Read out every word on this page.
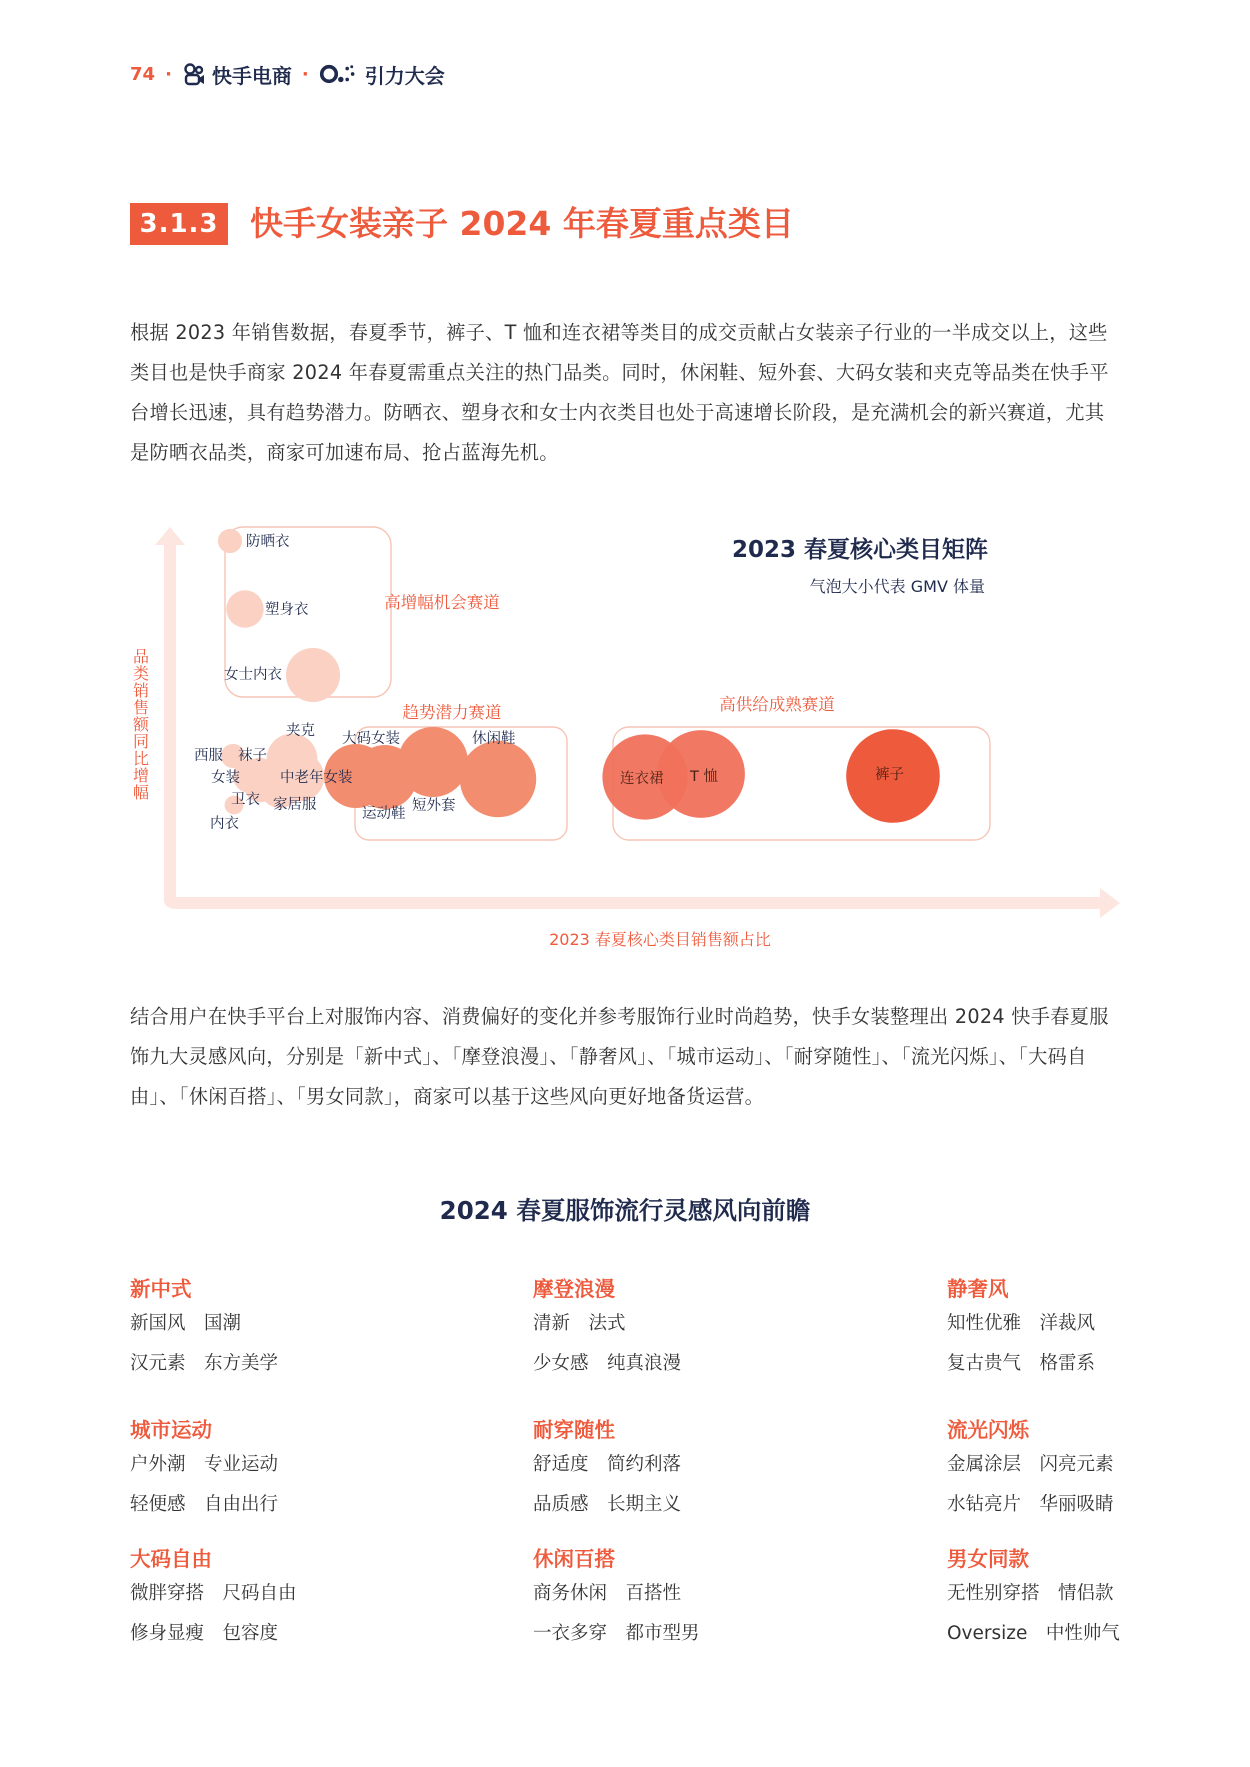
74 · 快手电商 ·	引力大会
3.1.3 快手女装亲子 2024 年春夏重点类目

根据 2023 年销售数据，春夏季节，裤子、T 恤和连衣裙等类目的成交贡献占女装亲子行业的一半成交以上，这些类目也是快手商家 2024 年春夏需重点关注的热门品类。同时，休闲鞋、短外套、大码女装和夹克等品类在快手平台增长迅速，具有趋势潜力。防晒衣、塑身衣和女士内衣类目也处于高速增长阶段，是充满机会的新兴赛道，尤其是防晒衣品类，商家可加速布局、抢占蓝海先机。

高增幅机会赛道
趋势潜力赛道	高供给成熟赛道
防晒衣
塑身衣
女士内衣
夹克
西服 袜子
女装
卫衣
内衣
家居服
中老年女装
大码女装
运动鞋 短外套
休闲鞋
连衣裙 T 恤	裤子
2023 春夏核心类目矩阵
气泡大小代表 GMV 体量
2023 春夏核心类目销售额占比
品类销售额同比增幅

结合用户在快手平台上对服饰内容、消费偏好的变化并参考服饰行业时尚趋势，快手女装整理出 2024 快手春夏服饰九大灵感风向，分别是「新中式」、「摩登浪漫」、「静奢风」、「城市运动」、「耐穿随性」、「流光闪烁」、「大码自由」、「休闲百搭」、「男女同款」，商家可以基于这些风向更好地备货运营。

2024 春夏服饰流行灵感风向前瞻
新中式
新国风　国潮
汉元素　东方美学
摩登浪漫
清新　法式
少女感　纯真浪漫
静奢风
知性优雅　洋裁风
复古贵气　格雷系
城市运动
户外潮　专业运动
轻便感　自由出行
耐穿随性
舒适度　简约利落
品质感　长期主义
流光闪烁
金属涂层　闪亮元素
水钻亮片　华丽吸睛
大码自由
微胖穿搭　尺码自由
修身显瘦　包容度
休闲百搭
商务休闲　百搭性
一衣多穿　都市型男
男女同款
无性别穿搭　情侣款
Oversize　中性帅气
